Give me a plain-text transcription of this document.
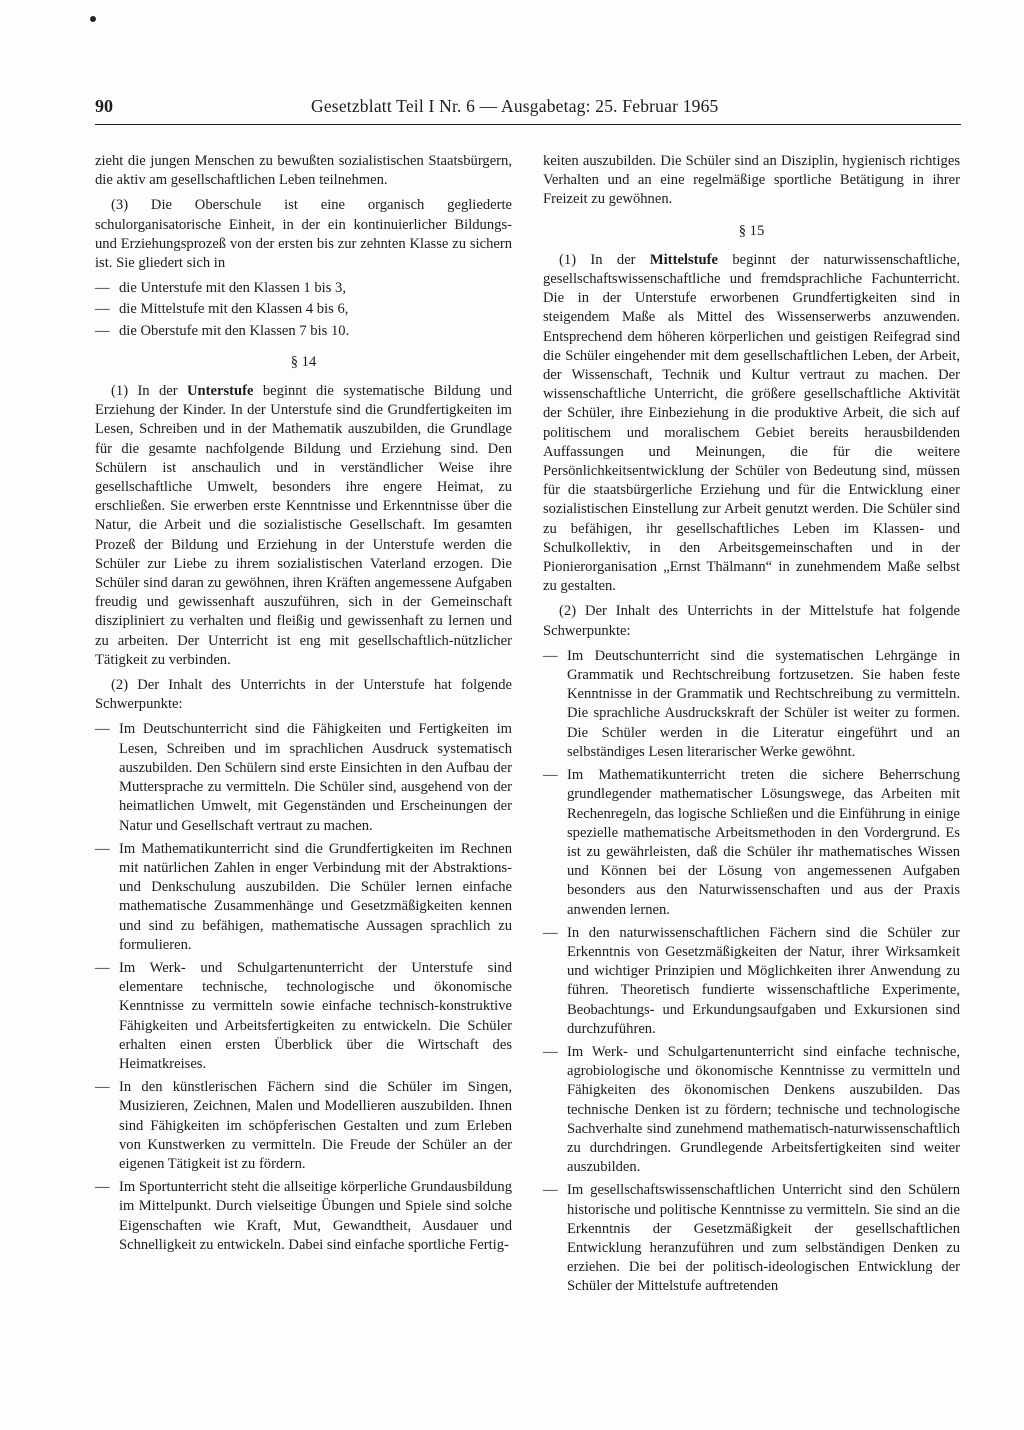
90	Gesetzblatt Teil I Nr. 6 — Ausgabetag: 25. Februar 1965

zieht die jungen Menschen zu bewußten sozialistischen Staatsbürgern, die aktiv am gesellschaftlichen Leben teilnehmen.

(3) Die Oberschule ist eine organisch gegliederte schulorganisatorische Einheit, in der ein kontinuierlicher Bildungs- und Erziehungsprozeß von der ersten bis zur zehnten Klasse zu sichern ist. Sie gliedert sich in

— die Unterstufe mit den Klassen 1 bis 3,
— die Mittelstufe mit den Klassen 4 bis 6,
— die Oberstufe mit den Klassen 7 bis 10.
§ 14

(1) In der Unterstufe beginnt die systematische Bildung und Erziehung der Kinder. In der Unterstufe sind die Grundfertigkeiten im Lesen, Schreiben und in der Mathematik auszubilden, die Grundlage für die gesamte nachfolgende Bildung und Erziehung sind. Den Schülern ist anschaulich und in verständlicher Weise ihre gesellschaftliche Umwelt, besonders ihre engere Heimat, zu erschließen. Sie erwerben erste Kenntnisse und Erkenntnisse über die Natur, die Arbeit und die sozialistische Gesellschaft. Im gesamten Prozeß der Bildung und Erziehung in der Unterstufe werden die Schüler zur Liebe zu ihrem sozialistischen Vaterland erzogen. Die Schüler sind daran zu gewöhnen, ihren Kräften angemessene Aufgaben freudig und gewissenhaft auszuführen, sich in der Gemeinschaft diszipliniert zu verhalten und fleißig und gewissenhaft zu lernen und zu arbeiten. Der Unterricht ist eng mit gesellschaftlich-nützlicher Tätigkeit zu verbinden.

(2) Der Inhalt des Unterrichts in der Unterstufe hat folgende Schwerpunkte:

— Im Deutschunterricht sind die Fähigkeiten und Fertigkeiten im Lesen, Schreiben und im sprachlichen Ausdruck systematisch auszubilden. Den Schülern sind erste Einsichten in den Aufbau der Muttersprache zu vermitteln. Die Schüler sind, ausgehend von der heimatlichen Umwelt, mit Gegenständen und Erscheinungen der Natur und Gesellschaft vertraut zu machen.
— Im Mathematikunterricht sind die Grundfertigkeiten im Rechnen mit natürlichen Zahlen in enger Verbindung mit der Abstraktions- und Denkschulung auszubilden. Die Schüler lernen einfache mathematische Zusammenhänge und Gesetzmäßigkeiten kennen und sind zu befähigen, mathematische Aussagen sprachlich zu formulieren.
— Im Werk- und Schulgartenunterricht der Unterstufe sind elementare technische, technologische und ökonomische Kenntnisse zu vermitteln sowie einfache technisch-konstruktive Fähigkeiten und Arbeitsfertigkeiten zu entwickeln. Die Schüler erhalten einen ersten Überblick über die Wirtschaft des Heimatkreises.
— In den künstlerischen Fächern sind die Schüler im Singen, Musizieren, Zeichnen, Malen und Modellieren auszubilden. Ihnen sind Fähigkeiten im schöpferischen Gestalten und zum Erleben von Kunstwerken zu vermitteln. Die Freude der Schüler an der eigenen Tätigkeit ist zu fördern.
— Im Sportunterricht steht die allseitige körperliche Grundausbildung im Mittelpunkt. Durch vielseitige Übungen und Spiele sind solche Eigenschaften wie Kraft, Mut, Gewandtheit, Ausdauer und Schnelligkeit zu entwickeln. Dabei sind einfache sportliche Fertig-

keiten auszubilden. Die Schüler sind an Disziplin, hygienisch richtiges Verhalten und an eine regelmäßige sportliche Betätigung in ihrer Freizeit zu gewöhnen.

§ 15

(1) In der Mittelstufe beginnt der naturwissenschaftliche, gesellschaftswissenschaftliche und fremdsprachliche Fachunterricht. Die in der Unterstufe erworbenen Grundfertigkeiten sind in steigendem Maße als Mittel des Wissenserwerbs anzuwenden. Entsprechend dem höheren körperlichen und geistigen Reifegrad sind die Schüler eingehender mit dem gesellschaftlichen Leben, der Arbeit, der Wissenschaft, Technik und Kultur vertraut zu machen. Der wissenschaftliche Unterricht, die größere gesellschaftliche Aktivität der Schüler, ihre Einbeziehung in die produktive Arbeit, die sich auf politischem und moralischem Gebiet bereits herausbildenden Auffassungen und Meinungen, die für die weitere Persönlichkeitsentwicklung der Schüler von Bedeutung sind, müssen für die staatsbürgerliche Erziehung und für die Entwicklung einer sozialistischen Einstellung zur Arbeit genutzt werden. Die Schüler sind zu befähigen, ihr gesellschaftliches Leben im Klassen- und Schulkollektiv, in den Arbeitsgemeinschaften und in der Pionierorganisation „Ernst Thälmann“ in zunehmendem Maße selbst zu gestalten.

(2) Der Inhalt des Unterrichts in der Mittelstufe hat folgende Schwerpunkte:

— Im Deutschunterricht sind die systematischen Lehrgänge in Grammatik und Rechtschreibung fortzusetzen. Sie haben feste Kenntnisse in der Grammatik und Rechtschreibung zu vermitteln. Die sprachliche Ausdruckskraft der Schüler ist weiter zu formen. Die Schüler werden in die Literatur eingeführt und an selbständiges Lesen literarischer Werke gewöhnt.
— Im Mathematikunterricht treten die sichere Beherrschung grundlegender mathematischer Lösungswege, das Arbeiten mit Rechenregeln, das logische Schließen und die Einführung in einige spezielle mathematische Arbeitsmethoden in den Vordergrund. Es ist zu gewährleisten, daß die Schüler ihr mathematisches Wissen und Können bei der Lösung von angemessenen Aufgaben besonders aus den Naturwissenschaften und aus der Praxis anwenden lernen.
— In den naturwissenschaftlichen Fächern sind die Schüler zur Erkenntnis von Gesetzmäßigkeiten der Natur, ihrer Wirksamkeit und wichtiger Prinzipien und Möglichkeiten ihrer Anwendung zu führen. Theoretisch fundierte wissenschaftliche Experimente, Beobachtungs- und Erkundungsaufgaben und Exkursionen sind durchzuführen.
— Im Werk- und Schulgartenunterricht sind einfache technische, agrobiologische und ökonomische Kenntnisse zu vermitteln und Fähigkeiten des ökonomischen Denkens auszubilden. Das technische Denken ist zu fördern; technische und technologische Sachverhalte sind zunehmend mathematisch-naturwissenschaftlich zu durchdringen. Grundlegende Arbeitsfertigkeiten sind weiter auszubilden.
— Im gesellschaftswissenschaftlichen Unterricht sind den Schülern historische und politische Kenntnisse zu vermitteln. Sie sind an die Erkenntnis der Gesetzmäßigkeit der gesellschaftlichen Entwicklung heranzuführen und zum selbständigen Denken zu erziehen. Die bei der politisch-ideologischen Entwicklung der Schüler der Mittelstufe auftretenden
